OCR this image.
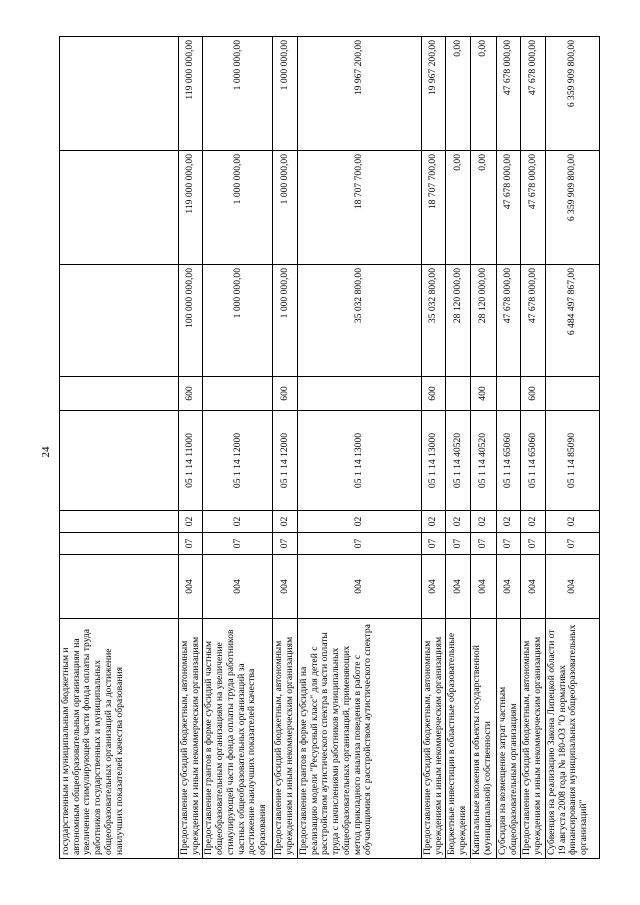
24
государственным и муниципальным бюджетным и автономным общеобразовательным организациям на увеличение стимулирующей части фонда оплаты труда работников государственных и муниципальных общеобразовательных организаций за достижение наилучших показателей качества образования								
Предоставление субсидий бюджетным, автономным учреждениям и иным некоммерческим организациям	004	07	02	05 1 14 11000	600	100 000 000,00	119 000 000,00	119 000 000,00
Предоставление грантов в форме субсидий частным общеобразовательным организациям на увеличение стимулирующей части фонда оплаты труда работников частных общеобразовательных организаций за достижение наилучших показателей качества образования	004	07	02	05 1 14 12000		1 000 000,00	1 000 000,00	1 000 000,00
Предоставление субсидий бюджетным, автономным учреждениям и иным некоммерческим организациям	004	07	02	05 1 14 12000	600	1 000 000,00	1 000 000,00	1 000 000,00
Предоставление грантов в форме субсидий на реализацию модели "Ресурсный класс" для детей с расстройством аутистического спектра в части оплаты труда с начислениями работников муниципальных общеобразовательных организаций, применяющих метод прикладного анализа поведения в работе с обучающимися с расстройством аутистического спектра	004	07	02	05 1 14 13000		35 032 800,00	18 707 700,00	19 967 200,00
Предоставление субсидий бюджетным, автономным учреждениям и иным некоммерческим организациям	004	07	02	05 1 14 13000	600	35 032 800,00	18 707 700,00	19 967 200,00
Бюджетные инвестиции в областные образовательные учреждения	004	07	02	05 1 14 40520		28 120 000,00	0,00	0,00
Капитальные вложения в объекты государственной (муниципальной) собственности	004	07	02	05 1 14 40520	400	28 120 000,00	0,00	0,00
Субсидия на возмещение затрат частным общеобразовательным организациям	004	07	02	05 1 14 65060		47 678 000,00	47 678 000,00	47 678 000,00
Предоставление субсидий бюджетным, автономным учреждениям и иным некоммерческим организациям	004	07	02	05 1 14 65060	600	47 678 000,00	47 678 000,00	47 678 000,00
Субвенция на реализацию Закона Липецкой области от 19 августа 2008 года № 180-ОЗ "О нормативах финансирования муниципальных общеобразовательных организаций"	004	07	02	05 1 14 85090		6 484 497 867,00	6 359 909 800,00	6 359 909 800,00
